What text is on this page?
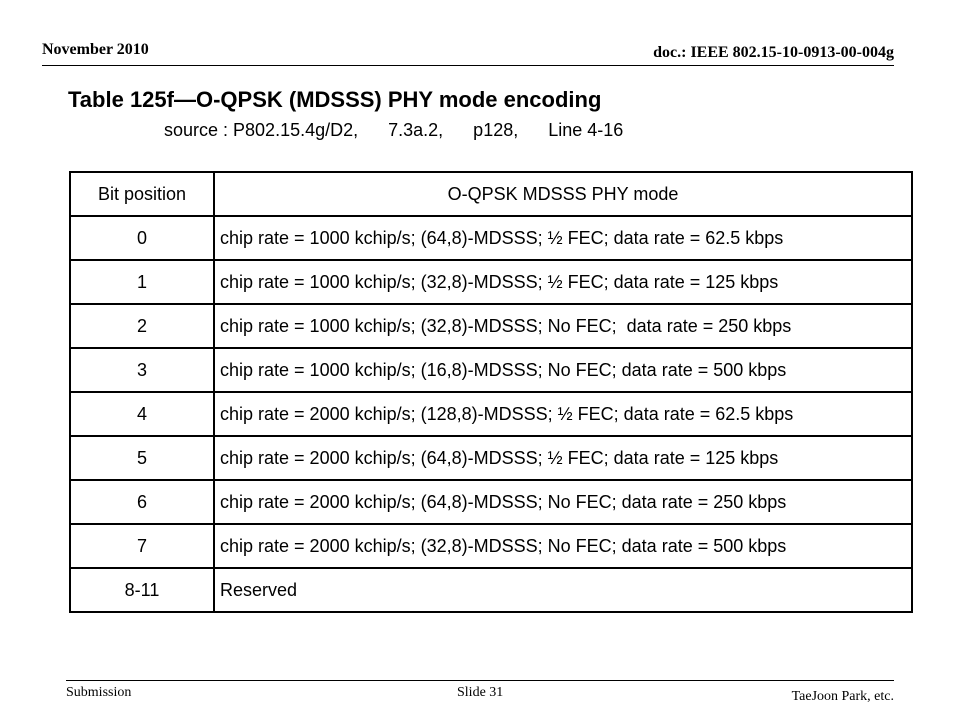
November 2010	doc.: IEEE 802.15-10-0913-00-004g
Table 125f—O-QPSK (MDSSS) PHY mode encoding
source : P802.15.4g/D2,      7.3a.2,      p128,      Line 4-16
Bit position	O-QPSK MDSSS PHY mode
0	chip rate = 1000 kchip/s; (64,8)-MDSSS; ½ FEC; data rate = 62.5 kbps
1	chip rate = 1000 kchip/s; (32,8)-MDSSS; ½ FEC; data rate = 125 kbps
2	chip rate = 1000 kchip/s; (32,8)-MDSSS; No FEC;  data rate = 250 kbps
3	chip rate = 1000 kchip/s; (16,8)-MDSSS; No FEC; data rate = 500 kbps
4	chip rate = 2000 kchip/s; (128,8)-MDSSS; ½ FEC; data rate = 62.5 kbps
5	chip rate = 2000 kchip/s; (64,8)-MDSSS; ½ FEC; data rate = 125 kbps
6	chip rate = 2000 kchip/s; (64,8)-MDSSS; No FEC; data rate = 250 kbps
7	chip rate = 2000 kchip/s; (32,8)-MDSSS; No FEC; data rate = 500 kbps
8-11	Reserved
Submission	Slide 31	TaeJoon Park, etc.
